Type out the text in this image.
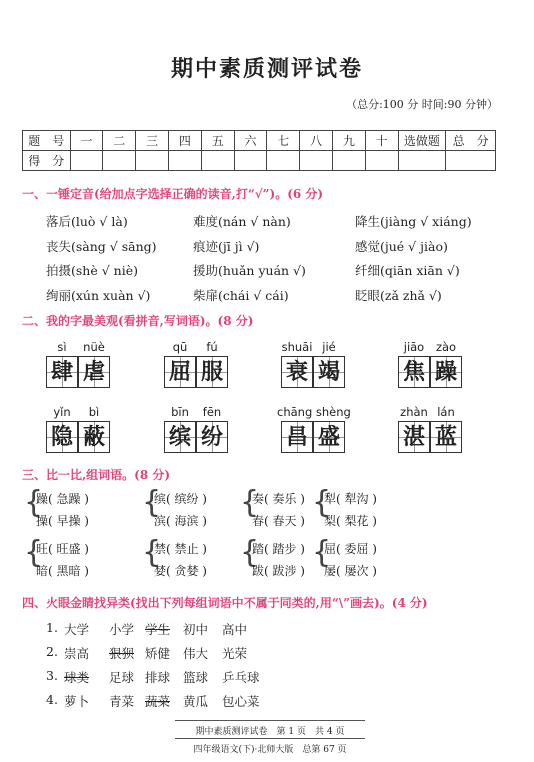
期中素质测评试卷
（总分:100 分 时间:90 分钟）
题　号	一	二	三	四	五	六	七	八	九	十	选做题	总　分
得　分												
一、一锤定音(给加点字选择正确的读音,打“√”)。(6 分)
落后(luò √ là)	难度(nán √ nàn)	降生(jiàng √ xiáng)
丧失(sàng √ sāng)	痕迹(jī jì √)	感觉(jué √ jiào)
拍摄(shè √ niè)	援助(huǎn yuán √)	纤细(qiān xiān √)
绚丽(xún xuàn √)	柴扉(chái √ cái)	眨眼(zǎ zhǎ √)
二、我的字最美观(看拼音,写词语)。(8 分)
sì	nüè
肆 虐
qū	fú
屈 服
shuāi jié
衰 竭
jiāo	zào
焦 躁
yǐn	bì
隐 蔽
bīn	fēn
缤 纷
chāng shèng
昌 盛
zhàn lán
湛 蓝
三、比一比,组词语。(8 分)
{
躁( 急躁 )
操( 早操 )
{
缤( 缤纷 )
滨( 海滨 )
{
奏( 奏乐 )
春( 春天 )
{
犁( 犁沟 )
梨( 梨花 )
{
旺( 旺盛 )
暗( 黑暗 )
{
禁( 禁止 )
婪( 贪婪 )
{
踏( 踏步 )
跋( 跋涉 )
{
屈( 委屈 )
屡( 屡次 )
四、火眼金睛找异类(找出下列每组词语中不属于同类的,用“\”画去)。(4 分)
1. 大学 小学 学生 初中 高中
2. 崇高 狠狈 矫健 伟大 光荣
3. 球类 足球 排球 篮球 乒乓球
4. 萝卜 青菜 蔬菜 黄瓜 包心菜
期中素质测评试卷　第 1 页　共 4 页
四年级语文(下)·北师大版　总第 67 页
